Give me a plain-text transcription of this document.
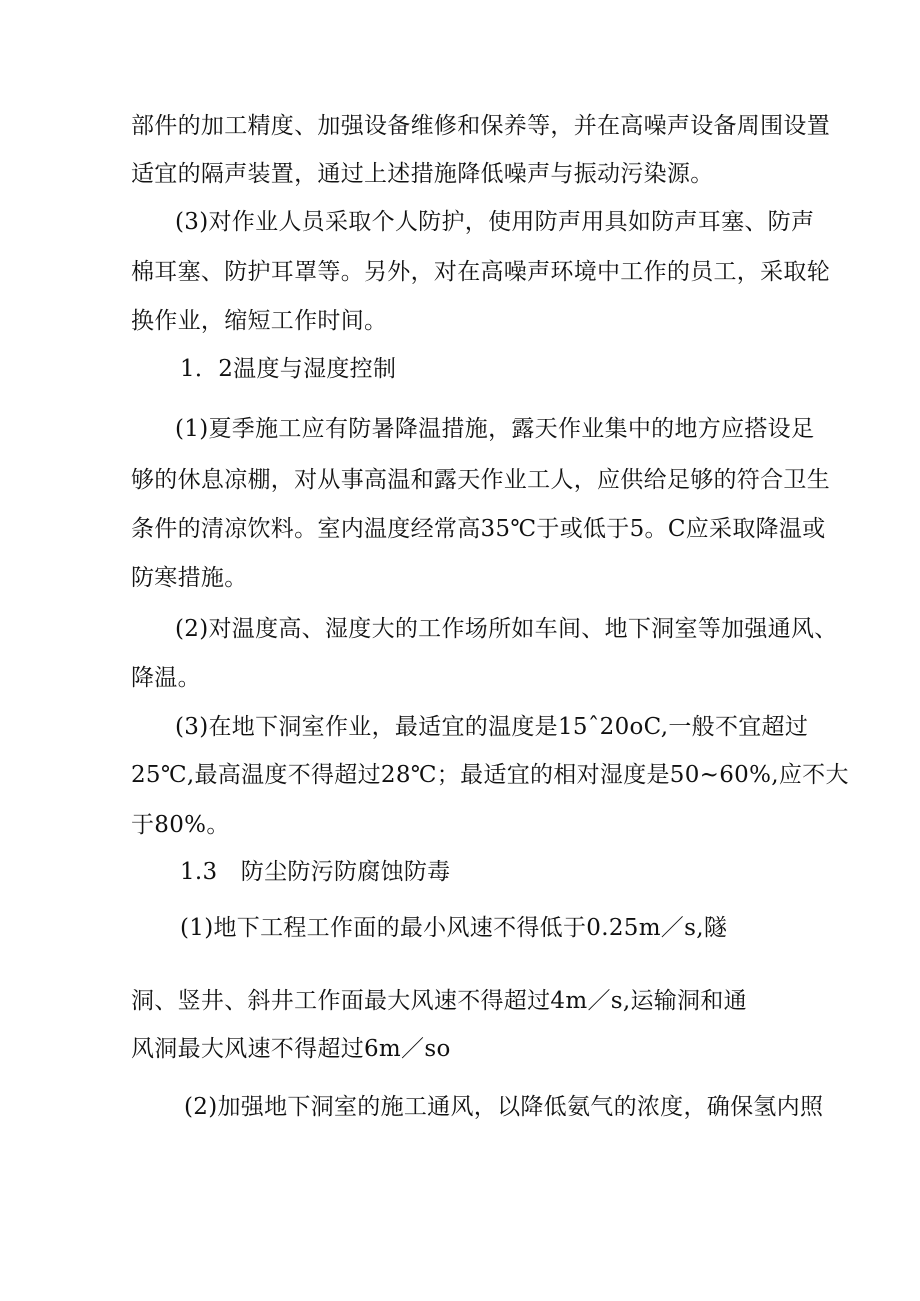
部件的加工精度、加强设备维修和保养等，并在高噪声设备周围设置

适宜的隔声装置，通过上述措施降低噪声与振动污染源。

(3)对作业人员采取个人防护，使用防声用具如防声耳塞、防声

棉耳塞、防护耳罩等。另外，对在高噪声环境中工作的员工，采取轮

换作业，缩短工作时间。

1．2温度与湿度控制

(1)夏季施工应有防暑降温措施，露天作业集中的地方应搭设足

够的休息凉棚，对从事高温和露天作业工人，应供给足够的符合卫生

条件的清凉饮料。室内温度经常高35℃于或低于5。C应采取降温或

防寒措施。

(2)对温度高、湿度大的工作场所如车间、地下洞室等加强通风、

降温。

(3)在地下洞室作业，最适宜的温度是15ˆ20oC,一般不宜超过

25℃,最高温度不得超过28℃；最适宜的相对湿度是50~60%,应不大

于80%。

1.3　防尘防污防腐蚀防毒

(1)地下工程工作面的最小风速不得低于0.25m／s,隧

洞、竖井、斜井工作面最大风速不得超过4m／s,运输洞和通

风洞最大风速不得超过6m／so

(2)加强地下洞室的施工通风，以降低氨气的浓度，确保氢内照
